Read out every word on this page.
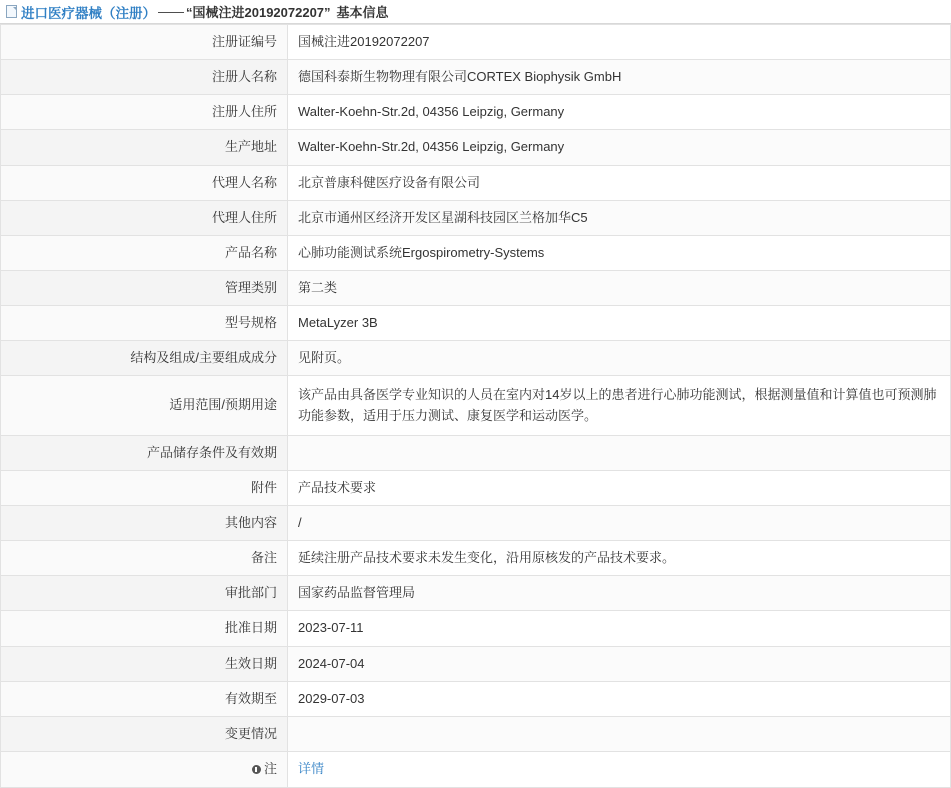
进口医疗器械（注册） —— “国械注进20192072207” 基本信息
注册证编号	国械注进20192072207
注册人名称	德国科泰斯生物物理有限公司CORTEX Biophysik GmbH
注册人住所	Walter-Koehn-Str.2d, 04356 Leipzig, Germany
生产地址	Walter-Koehn-Str.2d, 04356 Leipzig, Germany
代理人名称	北京普康科健医疗设备有限公司
代理人住所	北京市通州区经济开发区星湖科技园区兰格加华C5
产品名称	心肺功能测试系统Ergospirometry-Systems
管理类别	第二类
型号规格	MetaLyzer 3B
结构及组成/主要组成成分	见附页。
适用范围/预期用途	该产品由具备医学专业知识的人员在室内对14岁以上的患者进行心肺功能测试，根据测量值和计算值也可预测肺功能参数，适用于压力测试、康复医学和运动医学。
产品储存条件及有效期	
附件	产品技术要求
其他内容	/
备注	延续注册产品技术要求未发生变化，沿用原核发的产品技术要求。
审批部门	国家药品监督管理局
批准日期	2023-07-11
生效日期	2024-07-04
有效期至	2029-07-03
变更情况	

注	详情
